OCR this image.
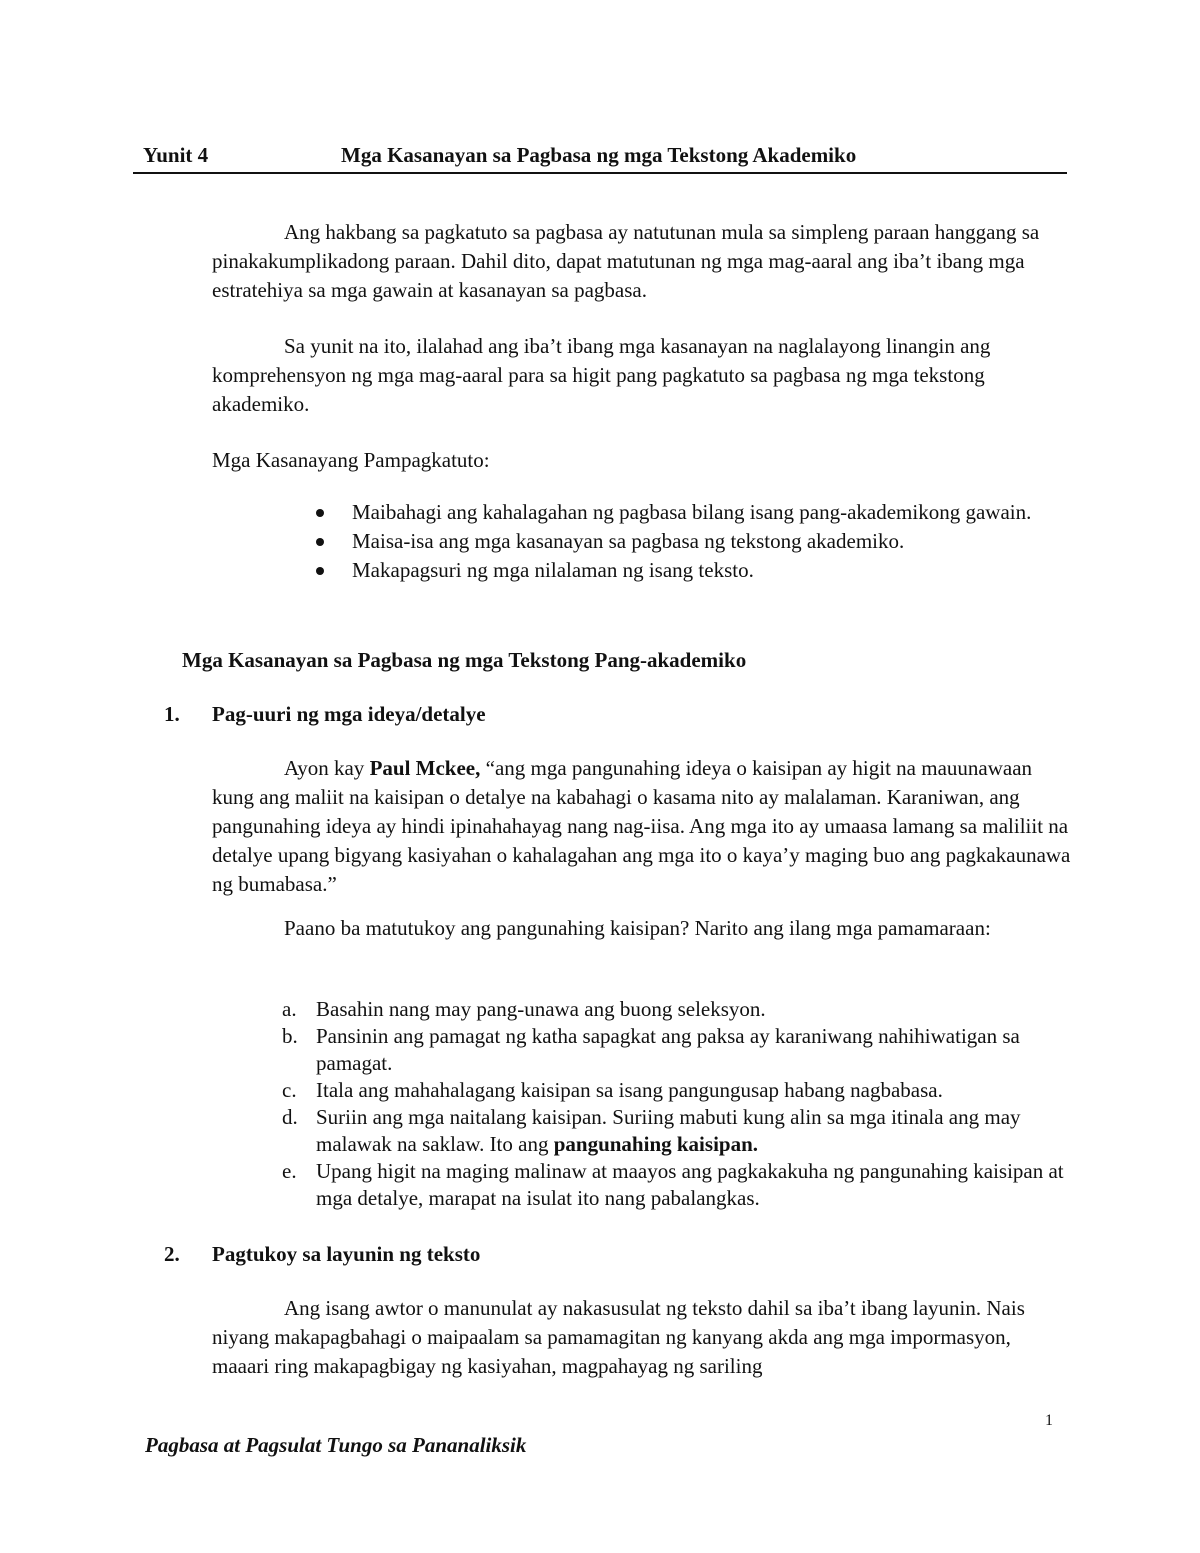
Yunit 4	Mga Kasanayan sa Pagbasa ng mga Tekstong Akademiko

Ang hakbang sa pagkatuto sa pagbasa ay natutunan mula sa simpleng paraan hanggang sa pinakakumplikadong paraan. Dahil dito, dapat matutunan ng mga mag-aaral ang iba’t ibang mga estratehiya sa mga gawain at kasanayan sa pagbasa.

Sa yunit na ito, ilalahad ang iba’t ibang mga kasanayan na naglalayong linangin ang komprehensyon ng mga mag-aaral para sa higit pang pagkatuto sa pagbasa ng mga tekstong akademiko.

Mga Kasanayang Pampagkatuto:

Maibahagi ang kahalagahan ng pagbasa bilang isang pang-akademikong gawain.

Maisa-isa ang mga kasanayan sa pagbasa ng tekstong akademiko.

Makapagsuri ng mga nilalaman ng isang teksto.

Mga Kasanayan sa Pagbasa ng mga Tekstong Pang-akademiko
1. Pag-uuri ng mga ideya/detalye

Ayon kay Paul Mckee, “ang mga pangunahing ideya o kaisipan ay higit na mauunawaan kung ang maliit na kaisipan o detalye na kabahagi o kasama nito ay malalaman. Karaniwan, ang pangunahing ideya ay hindi ipinahahayag nang nag-iisa. Ang mga ito ay umaasa lamang sa maliliit na detalye upang bigyang kasiyahan o kahalagahan ang mga ito o kaya’y maging buo ang pagkakaunawa ng bumabasa.”

Paano ba matutukoy ang pangunahing kaisipan? Narito ang ilang mga pamamaraan:

a. Basahin nang may pang-unawa ang buong seleksyon.
b. Pansinin ang pamagat ng katha sapagkat ang paksa ay karaniwang nahihiwatigan sa pamagat.
c. Itala ang mahahalagang kaisipan sa isang pangungusap habang nagbabasa.
d. Suriin ang mga naitalang kaisipan. Suriing mabuti kung alin sa mga itinala ang may malawak na saklaw. Ito ang pangunahing kaisipan.
e. Upang higit na maging malinaw at maayos ang pagkakakuha ng pangunahing kaisipan at mga detalye, marapat na isulat ito nang pabalangkas.
2. Pagtukoy sa layunin ng teksto

Ang isang awtor o manunulat ay nakasusulat ng teksto dahil sa iba’t ibang layunin. Nais niyang makapagbahagi o maipaalam sa pamamagitan ng kanyang akda ang mga impormasyon, maaari ring makapagbigay ng kasiyahan, magpahayag ng sariling

1
Pagbasa at Pagsulat Tungo sa Pananaliksik
